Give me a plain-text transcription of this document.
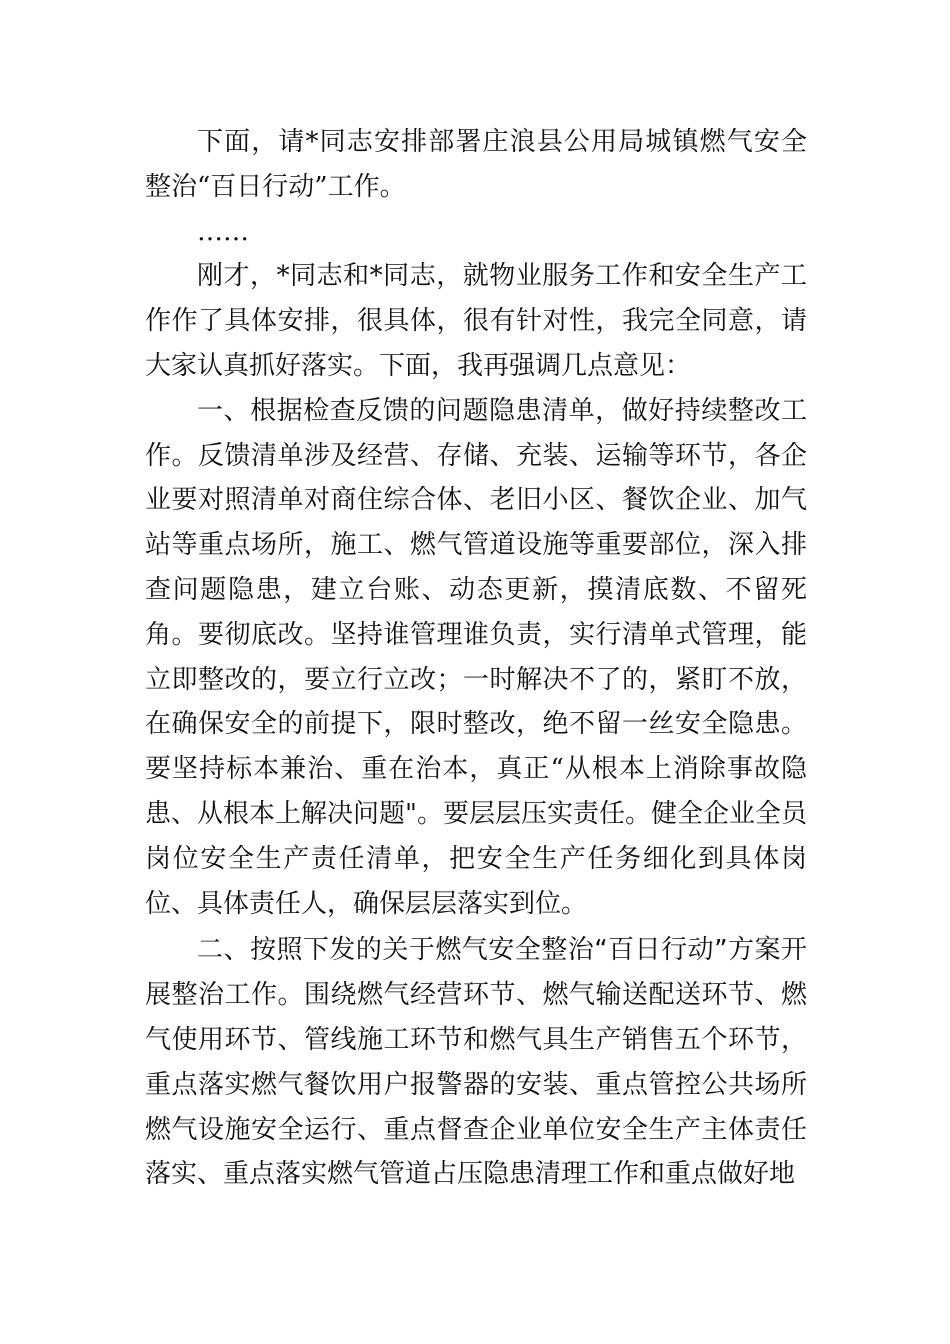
下面，请*同志安排部署庄浪县公用局城镇燃气安全整治“百日行动”工作。

……

刚才，*同志和*同志，就物业服务工作和安全生产工作作了具体安排，很具体，很有针对性，我完全同意，请大家认真抓好落实。下面，我再强调几点意见：

一、根据检查反馈的问题隐患清单，做好持续整改工作。反馈清单涉及经营、存储、充装、运输等环节，各企业要对照清单对商住综合体、老旧小区、餐饮企业、加气站等重点场所，施工、燃气管道设施等重要部位，深入排查问题隐患，建立台账、动态更新，摸清底数、不留死角。要彻底改。坚持谁管理谁负责，实行清单式管理，能立即整改的，要立行立改；一时解决不了的，紧盯不放，在确保安全的前提下，限时整改，绝不留一丝安全隐患。要坚持标本兼治、重在治本，真正“从根本上消除事故隐患、从根本上解决问题"。要层层压实责任。健全企业全员岗位安全生产责任清单，把安全生产任务细化到具体岗位、具体责任人，确保层层落实到位。

二、按照下发的关于燃气安全整治“百日行动”方案开展整治工作。围绕燃气经营环节、燃气输送配送环节、燃气使用环节、管线施工环节和燃气具生产销售五个环节，重点落实燃气餐饮用户报警器的安装、重点管控公共场所燃气设施安全运行、重点督查企业单位安全生产主体责任落实、重点落实燃气管道占压隐患清理工作和重点做好地
